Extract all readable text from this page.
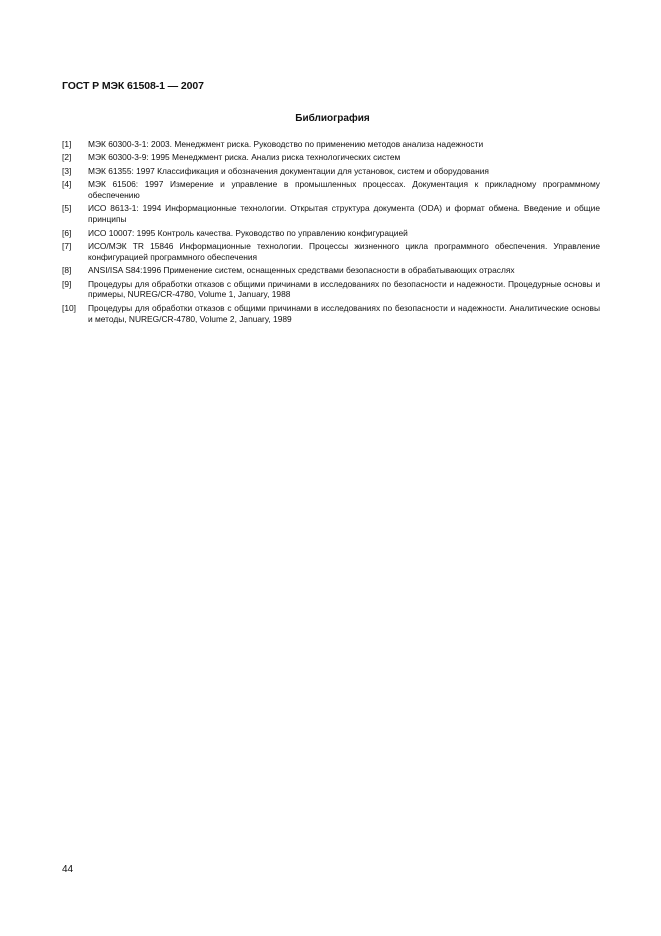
ГОСТ Р МЭК 61508-1 — 2007
Библиография
[1]	МЭК 60300-3-1: 2003. Менеджмент риска. Руководство по применению методов анализа надежности
[2]	МЭК 60300-3-9: 1995 Менеджмент риска. Анализ риска технологических систем
[3]	МЭК 61355: 1997 Классификация и обозначения документации для установок, систем и оборудования
[4]	МЭК 61506: 1997 Измерение и управление в промышленных процессах. Документация к прикладному программному обеспечению
[5]	ИСО 8613-1: 1994 Информационные технологии. Открытая структура документа (ODA) и формат обмена. Введение и общие принципы
[6]	ИСО 10007: 1995 Контроль качества. Руководство по управлению конфигурацией
[7]	ИСО/МЭК TR 15846 Информационные технологии. Процессы жизненного цикла программного обеспечения. Управление конфигурацией программного обеспечения
[8]	ANSI/ISA S84:1996 Применение систем, оснащенных средствами безопасности в обрабатывающих отраслях
[9]	Процедуры для обработки отказов с общими причинами в исследованиях по безопасности и надежности. Процедурные основы и примеры, NUREG/CR-4780, Volume 1, January, 1988
[10]	Процедуры для обработки отказов с общими причинами в исследованиях по безопасности и надежности. Аналитические основы и методы, NUREG/CR-4780, Volume 2, January, 1989
44
